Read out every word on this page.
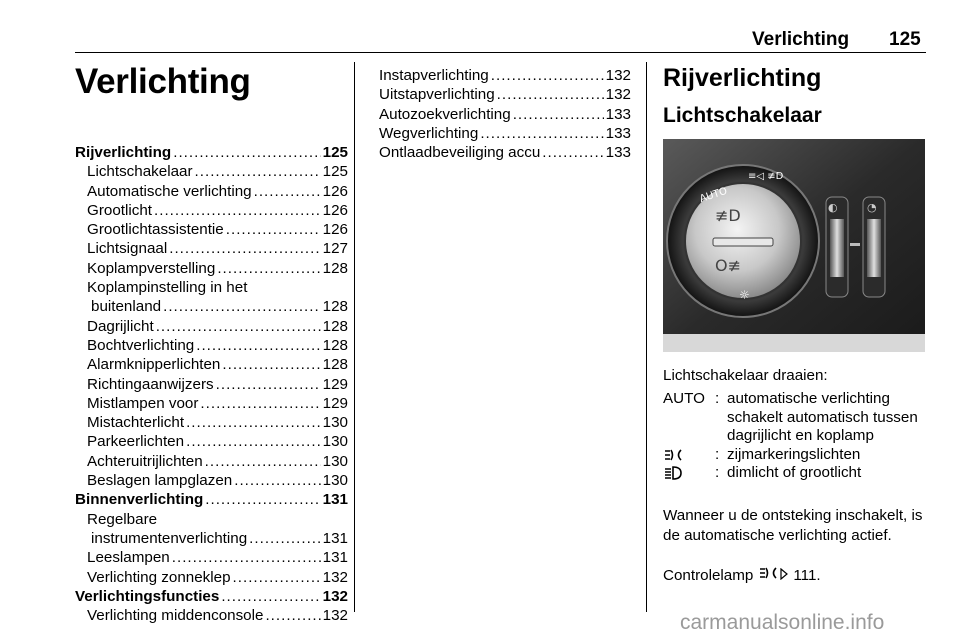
Verlichting 125
Verlichting
Rijverlichting .....	125
Lichtschakelaar .....	125
Automatische verlichting .....	126
Grootlicht .....	126
Grootlichtassistentie .....	126
Lichtsignaal .....	127
Koplampverstelling .....	128
Koplampinstelling in het
buitenland .....	128
Dagrijlicht .....	128
Bochtverlichting .....	128
Alarmknipperlichten .....	128
Richtingaanwijzers .....	129
Mistlampen voor .....	129
Mistachterlicht .....	130
Parkeerlichten .....	130
Achteruitrijlichten .....	130
Beslagen lampglazen .....	130
Binnenverlichting .....	131
Regelbare
instrumentenverlichting .....	131
Leeslampen .....	131
Verlichting zonneklep .....	132
Verlichtingsfuncties .....	132
Verlichting middenconsole .....	132
Instapverlichting .....	132
Uitstapverlichting .....	132
Autozoekverlichting .....	133
Wegverlichting .....	133
Ontlaadbeveiliging accu .....	133
Rijverlichting
Lichtschakelaar
≢D
O≢
AUTO
≡◁ ≢D
☼
◐	◔
Lichtschakelaar draaien:
AUTO : automatische verlichting schakelt automatisch tussen dagrijlicht en koplamp
: zijmarkeringslichten
: dimlicht of grootlicht
Wanneer u de ontsteking inschakelt, is de automatische verlichting actief.
Controlelamp	111.
carmanualsonline.info
